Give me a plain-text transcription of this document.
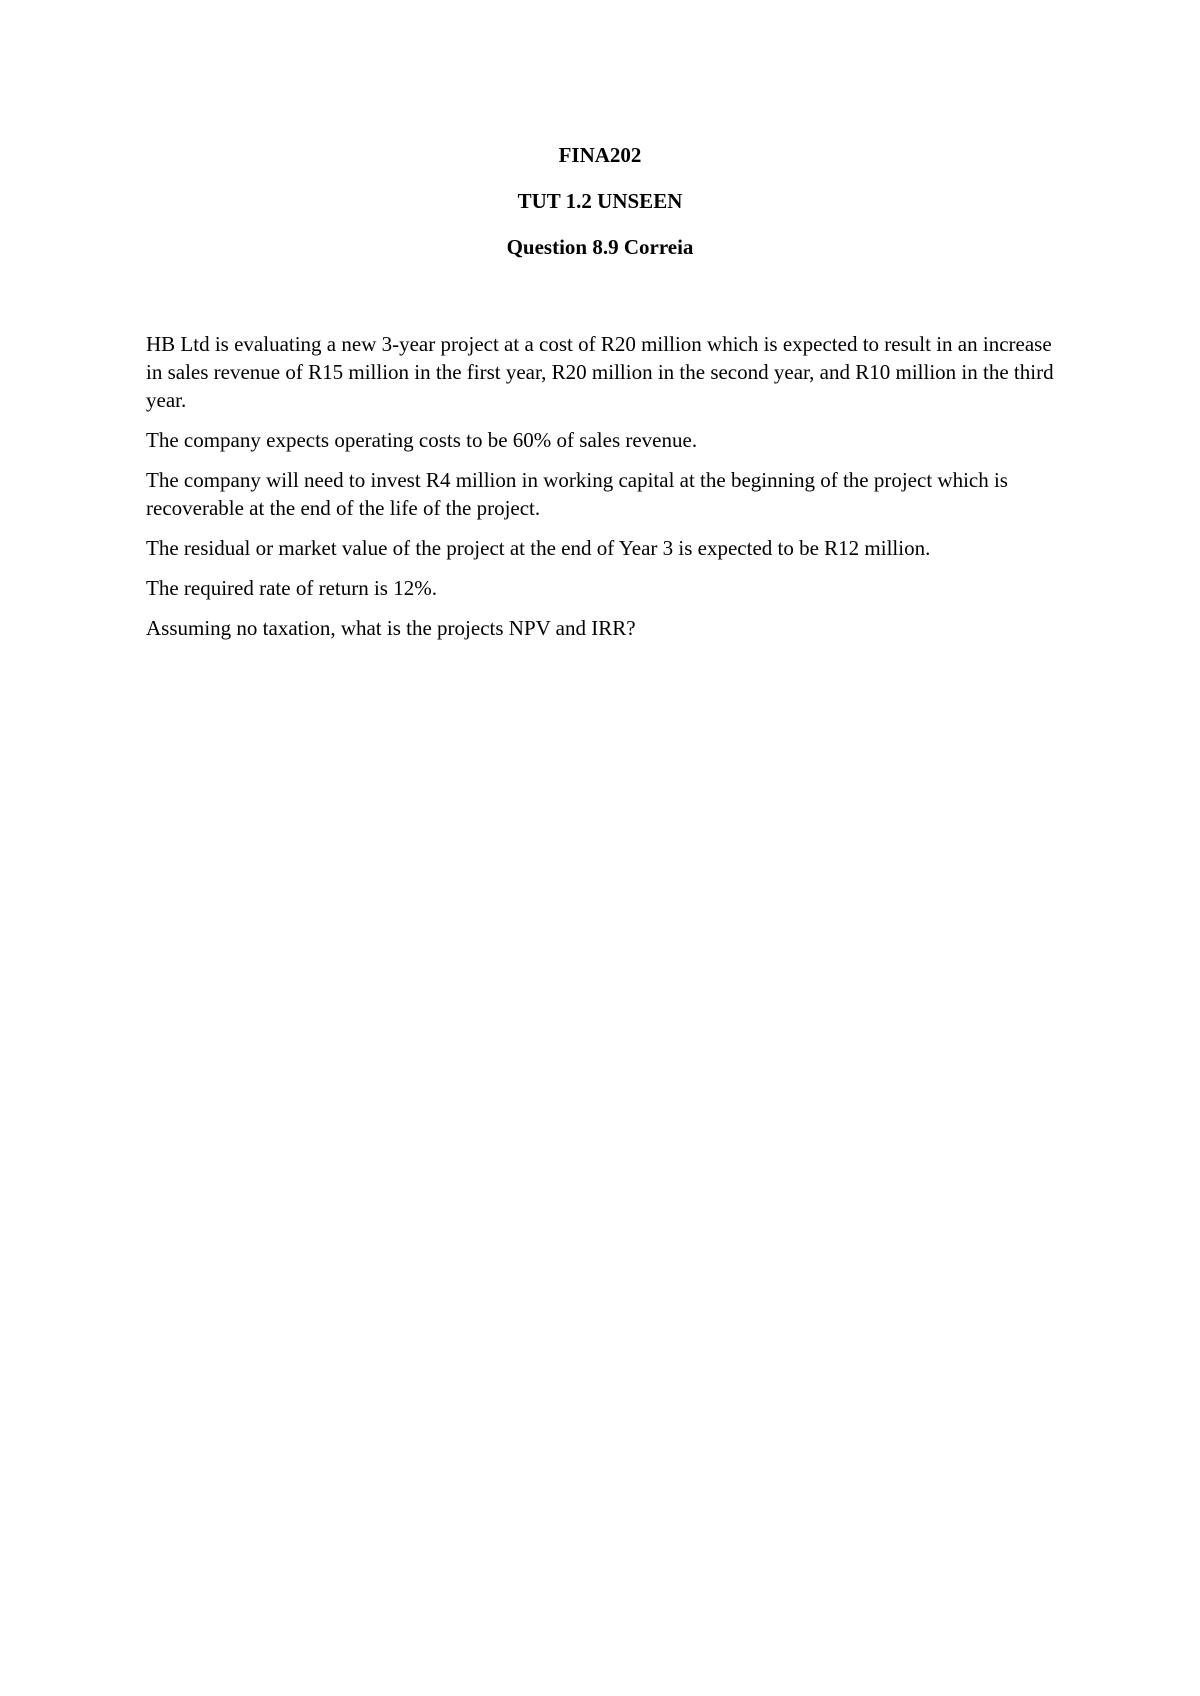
FINA202
TUT 1.2 UNSEEN
Question 8.9 Correia

HB Ltd is evaluating a new 3-year project at a cost of R20 million which is expected to result in an increase in sales revenue of R15 million in the first year, R20 million in the second year, and R10 million in the third year.

The company expects operating costs to be 60% of sales revenue.

The company will need to invest R4 million in working capital at the beginning of the project which is recoverable at the end of the life of the project.

The residual or market value of the project at the end of Year 3 is expected to be R12 million.

The required rate of return is 12%.

Assuming no taxation, what is the projects NPV and IRR?
